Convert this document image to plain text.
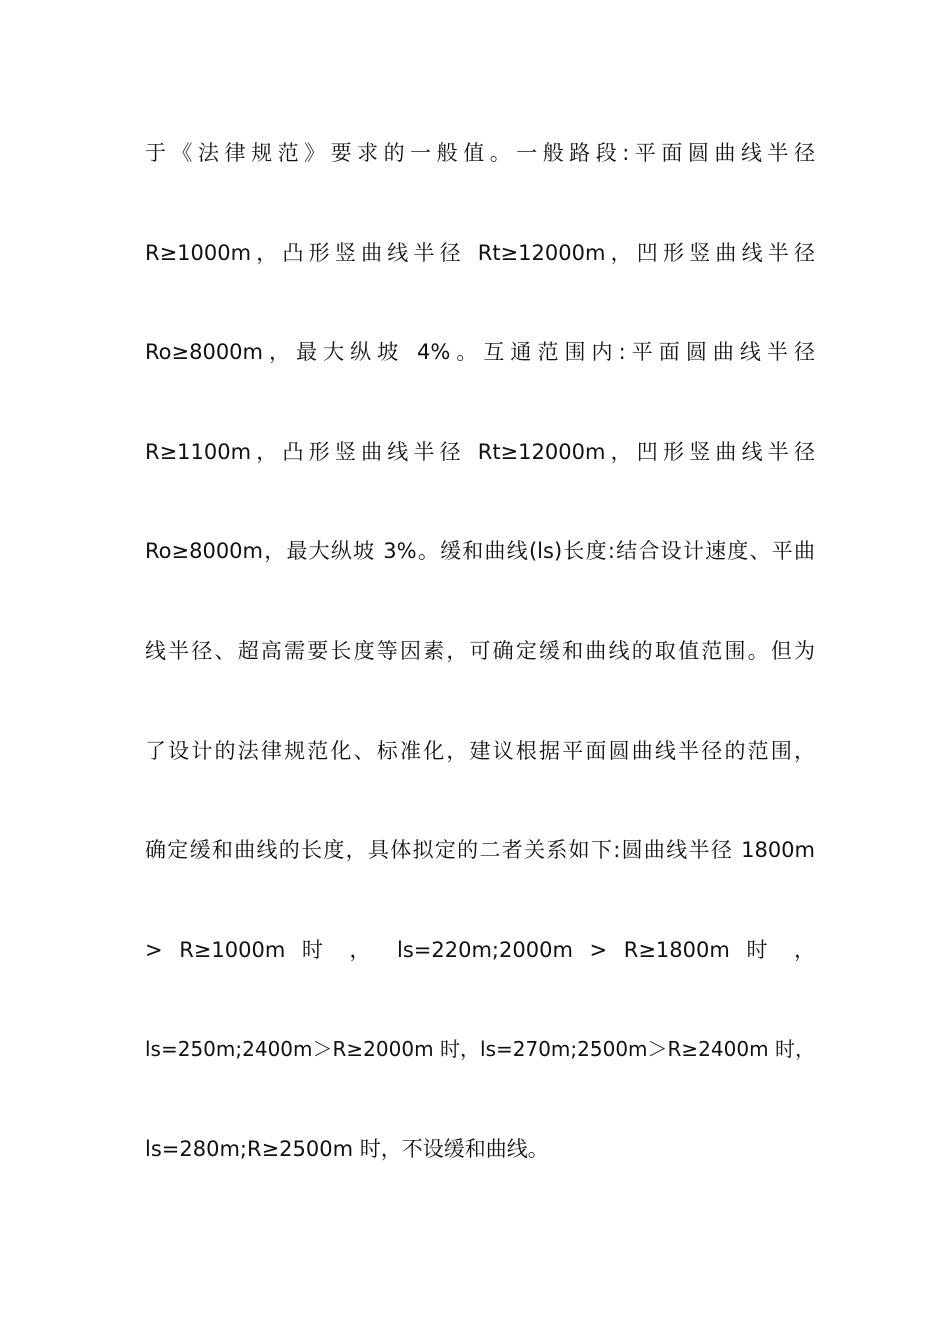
于《法律规范》要求的一般值。一般路段:平面圆曲线半径
R≥1000m，凸形竖曲线半径 Rt≥12000m，凹形竖曲线半径
Ro≥8000m，最大纵坡 4%。互通范围内:平面圆曲线半径
R≥1100m，凸形竖曲线半径 Rt≥12000m，凹形竖曲线半径
Ro≥8000m，最大纵坡 3%。缓和曲线(ls)长度:结合设计速度、平曲
线半径、超高需要长度等因素，可确定缓和曲线的取值范围。但为
了设计的法律规范化、标准化，建议根据平面圆曲线半径的范围，
确定缓和曲线的长度，具体拟定的二者关系如下:圆曲线半径 1800m
> R≥1000m 时 ， ls=220m;2000m > R≥1800m 时 ，
ls=250m;2400m＞R≥2000m 时，ls=270m;2500m＞R≥2400m 时，
ls=280m;R≥2500m 时，不设缓和曲线。
